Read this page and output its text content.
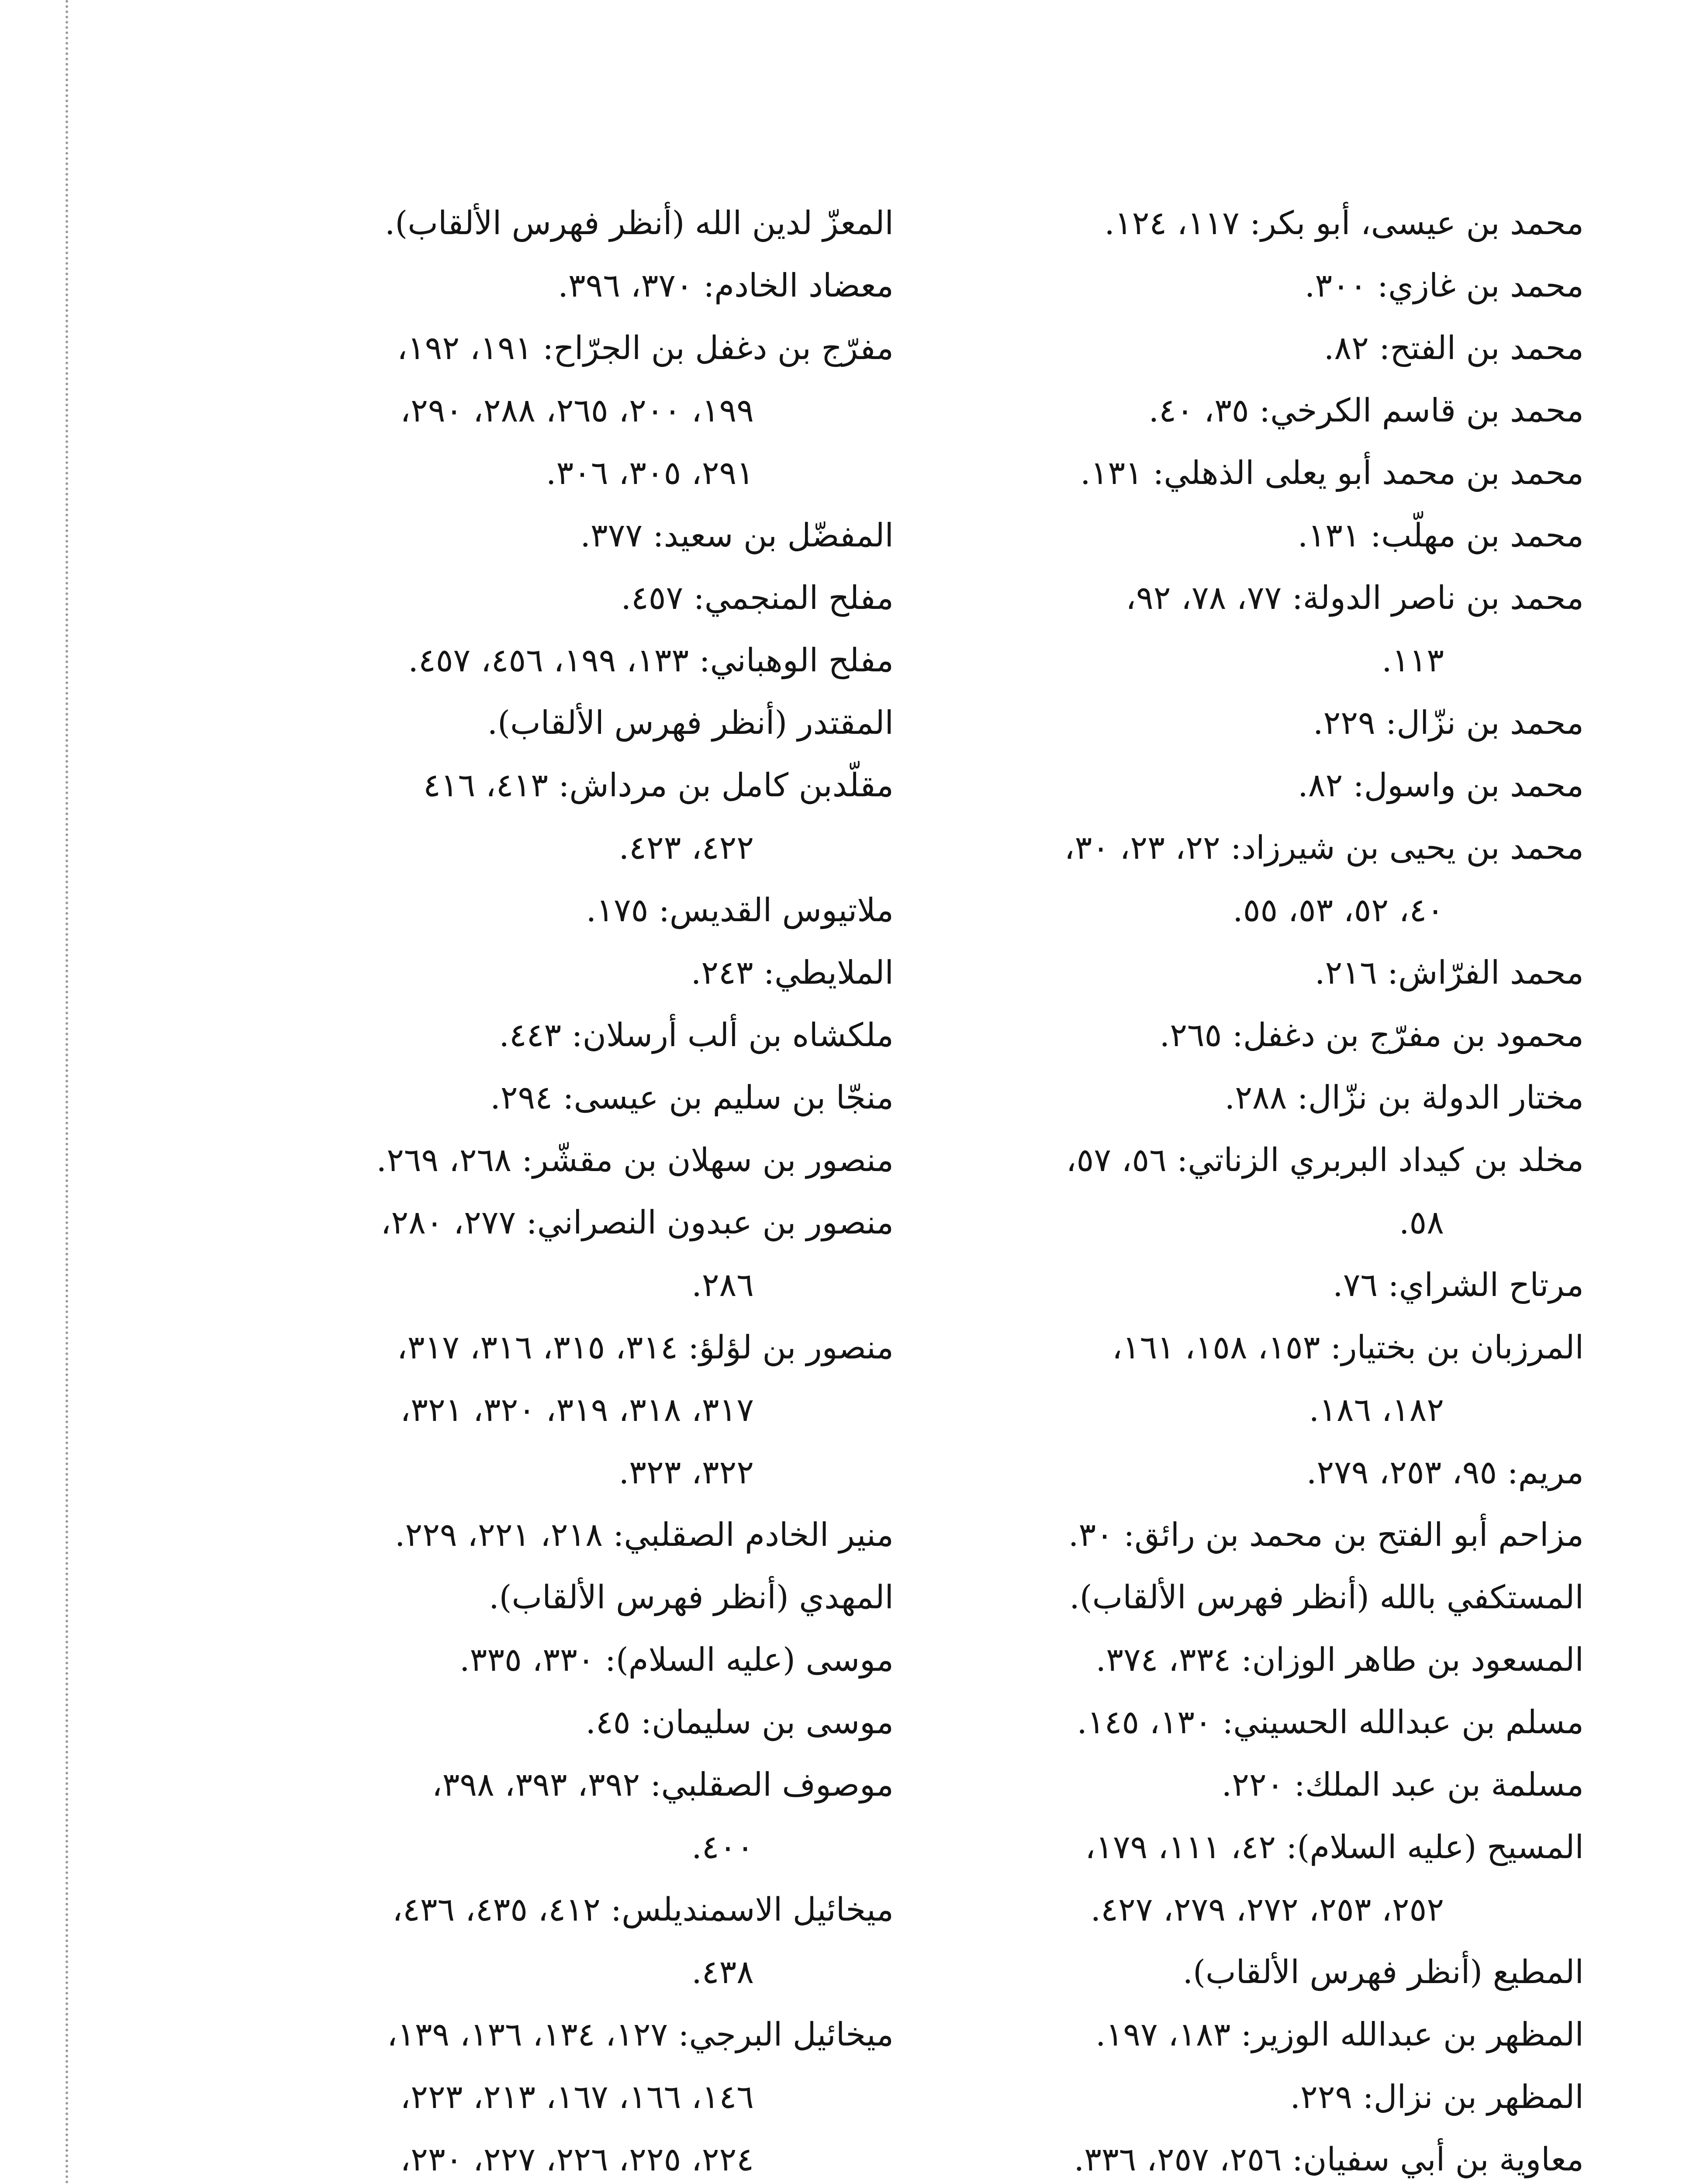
محمد بن عيسى، أبو بكر: ١١٧، ١٢٤.
محمد بن غازي: ٣٠٠.
محمد بن الفتح: ٨٢.
محمد بن قاسم الكرخي: ٣٥، ٤٠.
محمد بن محمد أبو يعلى الذهلي: ١٣١.
محمد بن مهلّب: ١٣١.
محمد بن ناصر الدولة: ٧٧، ٧٨، ٩٢،
١١٣.
محمد بن نزّال: ٢٢٩.
محمد بن واسول: ٨٢.
محمد بن يحيى بن شيرزاد: ٢٢، ٢٣، ٣٠،
٤٠، ٥٢، ٥٣، ٥٥.
محمد الفرّاش: ٢١٦.
محمود بن مفرّج بن دغفل: ٢٦٥.
مختار الدولة بن نزّال: ٢٨٨.
مخلد بن كيداد البربري الزناتي: ٥٦، ٥٧،
٥٨.
مرتاح الشراي: ٧٦.
المرزبان بن بختيار: ١٥٣، ١٥٨، ١٦١،
١٨٢، ١٨٦.
مريم: ٩٥، ٢٥٣، ٢٧٩.
مزاحم أبو الفتح بن محمد بن رائق: ٣٠.
المستكفي بالله (أنظر فهرس الألقاب).
المسعود بن طاهر الوزان: ٣٣٤، ٣٧٤.
مسلم بن عبدالله الحسيني: ١٣٠، ١٤٥.
مسلمة بن عبد الملك: ٢٢٠.
المسيح (عليه السلام): ٤٢، ١١١، ١٧٩،
٢٥٢، ٢٥٣، ٢٧٢، ٢٧٩، ٤٢٧.
المطيع (أنظر فهرس الألقاب).
المظهر بن عبدالله الوزير: ١٨٣، ١٩٧.
المظهر بن نزال: ٢٢٩.
معاوية بن أبي سفيان: ٢٥٦، ٢٥٧، ٣٣٦.
المعزّ لدين الله (أنظر فهرس الألقاب).
معضاد الخادم: ٣٧٠، ٣٩٦.
مفرّج بن دغفل بن الجرّاح: ١٩١، ١٩٢،
١٩٩، ٢٠٠، ٢٦٥، ٢٨٨، ٢٩٠،
٢٩١، ٣٠٥، ٣٠٦.
المفضّل بن سعيد: ٣٧٧.
مفلح المنجمي: ٤٥٧.
مفلح الوهباني: ١٣٣، ١٩٩، ٤٥٦، ٤٥٧.
المقتدر (أنظر فهرس الألقاب).
مقلّدبن كامل بن مرداش: ٤١٣، ٤١٦
٤٢٢، ٤٢٣.
ملاتيوس القديس: ١٧٥.
الملايطي: ٢٤٣.
ملكشاه بن ألب أرسلان: ٤٤٣.
منجّا بن سليم بن عيسى: ٢٩٤.
منصور بن سهلان بن مقشّر: ٢٦٨، ٢٦٩.
منصور بن عبدون النصراني: ٢٧٧، ٢٨٠،
٢٨٦.
منصور بن لؤلؤ: ٣١٤، ٣١٥، ٣١٦، ٣١٧،
٣١٧، ٣١٨، ٣١٩، ٣٢٠، ٣٢١،
٣٢٢، ٣٢٣.
منير الخادم الصقلبي: ٢١٨، ٢٢١، ٢٢٩.
المهدي (أنظر فهرس الألقاب).
موسى (عليه السلام): ٣٣٠، ٣٣٥.
موسى بن سليمان: ٤٥.
موصوف الصقلبي: ٣٩٢، ٣٩٣، ٣٩٨،
٤٠٠.
ميخائيل الاسمنديلس: ٤١٢، ٤٣٥، ٤٣٦،
٤٣٨.
ميخائيل البرجي: ١٢٧، ١٣٤، ١٣٦، ١٣٩،
١٤٦، ١٦٦، ١٦٧، ٢١٣، ٢٢٣،
٢٢٤، ٢٢٥، ٢٢٦، ٢٢٧، ٢٣٠،
